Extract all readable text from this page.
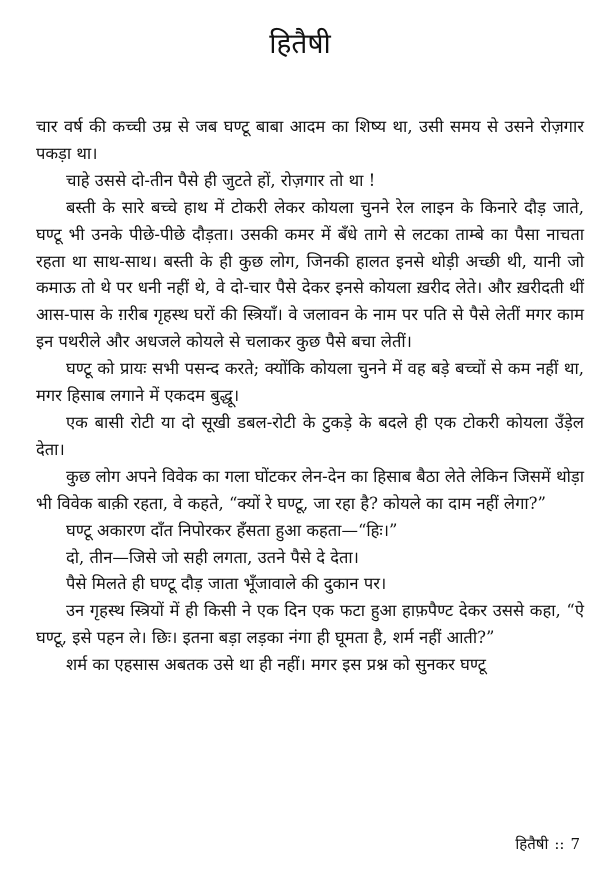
हितैषी

चार वर्ष की कच्ची उम्र से जब घण्टू बाबा आदम का शिष्य था, उसी समय से उसने रोज़गार पकड़ा था।

चाहे उससे दो-तीन पैसे ही जुटते हों, रोज़गार तो था !

बस्ती के सारे बच्चे हाथ में टोकरी लेकर कोयला चुनने रेल लाइन के किनारे दौड़ जाते, घण्टू भी उनके पीछे-पीछे दौड़ता। उसकी कमर में बँधे तागे से लटका ताम्बे का पैसा नाचता रहता था साथ-साथ। बस्ती के ही कुछ लोग, जिनकी हालत इनसे थोड़ी अच्छी थी, यानी जो कमाऊ तो थे पर धनी नहीं थे, वे दो-चार पैसे देकर इनसे कोयला ख़रीद लेते। और ख़रीदती थीं आस-पास के ग़रीब गृहस्थ घरों की स्त्रियाँ। वे जलावन के नाम पर पति से पैसे लेतीं मगर काम इन पथरीले और अधजले कोयले से चलाकर कुछ पैसे बचा लेतीं।

घण्टू को प्रायः सभी पसन्द करते; क्योंकि कोयला चुनने में वह बड़े बच्चों से कम नहीं था, मगर हिसाब लगाने में एकदम बुद्धू।

एक बासी रोटी या दो सूखी डबल-रोटी के टुकड़े के बदले ही एक टोकरी कोयला उँड़ेल देता।

कुछ लोग अपने विवेक का गला घोंटकर लेन-देन का हिसाब बैठा लेते लेकिन जिसमें थोड़ा भी विवेक बाक़ी रहता, वे कहते, “क्यों रे घण्टू, जा रहा है? कोयले का दाम नहीं लेगा?”

घण्टू अकारण दाँत निपोरकर हँसता हुआ कहता—“हिः।”

दो, तीन—जिसे जो सही लगता, उतने पैसे दे देता।

पैसे मिलते ही घण्टू दौड़ जाता भूँजावाले की दुकान पर।

उन गृहस्थ स्त्रियों में ही किसी ने एक दिन एक फटा हुआ हाफ़पैण्ट देकर उससे कहा, “ऐ घण्टू, इसे पहन ले। छिः। इतना बड़ा लड़का नंगा ही घूमता है, शर्म नहीं आती?”

शर्म का एहसास अबतक उसे था ही नहीं। मगर इस प्रश्न को सुनकर घण्टू

हितैषी :: 7
